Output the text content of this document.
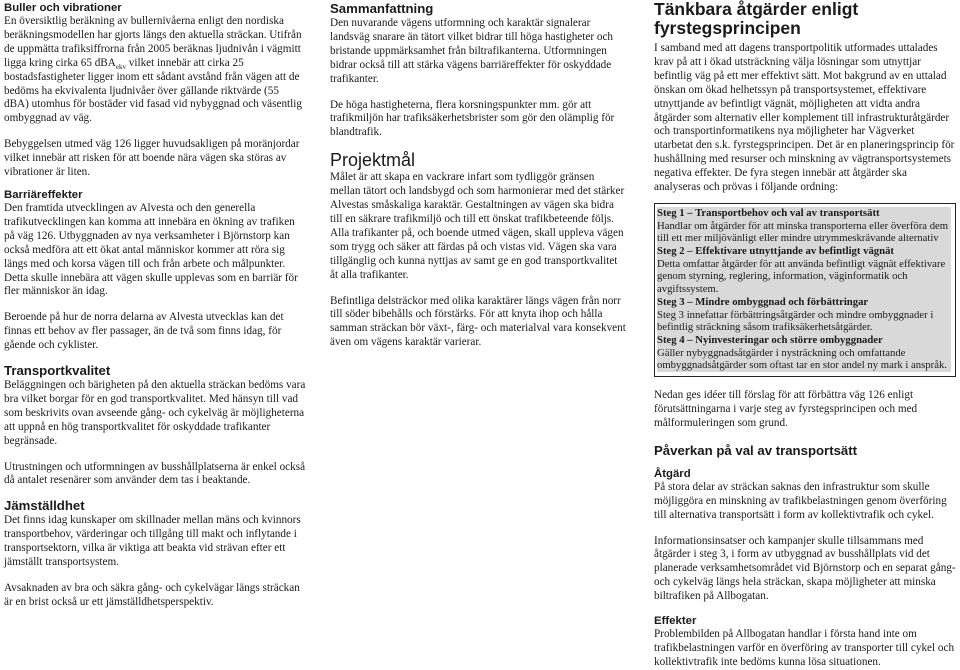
Buller och vibrationer

En översiktlig beräkning av bullernivåerna enligt den nordiska beräkningsmodellen har gjorts längs den aktuella sträckan. Utifrån de uppmätta trafiksiffrorna från 2005 beräknas ljudnivån i vägmitt ligga kring cirka 65 dBA$_{ekv}$ vilket innebär att cirka 25 bostadsfastigheter ligger inom ett sådant avstånd från vägen att de bedöms ha ekvivalenta ljudnivåer över gällande riktvärde (55 dBA) utomhus för bostäder vid fasad vid nybyggnad och väsentlig ombyggnad av väg.

Bebyggelsen utmed väg 126 ligger huvudsakligen på moränjordar vilket innebär att risken för att boende nära vägen ska störas av vibrationer är liten.

Barriäreffekter

Den framtida utvecklingen av Alvesta och den generella trafikutvecklingen kan komma att innebära en ökning av trafiken på väg 126. Utbyggnaden av nya verksamheter i Björnstorp kan också medföra att ett ökat antal människor kommer att röra sig längs med och korsa vägen till och från arbete och målpunkter. Detta skulle innebära att vägen skulle upplevas som en barriär för fler människor än idag.

Beroende på hur de norra delarna av Alvesta utvecklas kan det finnas ett behov av fler passager, än de två som finns idag, för gående och cyklister.

Transportkvalitet

Beläggningen och bärigheten på den aktuella sträckan bedöms vara bra vilket borgar för en god transportkvalitet. Med hänsyn till vad som beskrivits ovan avseende gång- och cykelväg är möjligheterna att uppnå en hög transportkvalitet för oskyddade trafikanter begränsade.

Utrustningen och utformningen av busshållplatserna är enkel också då antalet resenärer som använder dem tas i beaktande.

Jämställdhet

Det finns idag kunskaper om skillnader mellan mäns och kvinnors transportbehov, värderingar och tillgång till makt och inflytande i transportsektorn, vilka är viktiga att beakta vid strävan efter ett jämställt transportsystem.

Avsaknaden av bra och säkra gång- och cykelvägar längs sträckan är en brist också ur ett jämställdhetsperspektiv.

Sammanfattning

Den nuvarande vägens utformning och karaktär signalerar landsväg snarare än tätort vilket bidrar till höga hastigheter och bristande uppmärksamhet från biltrafikanterna. Utformningen bidrar också till att stärka vägens barriäreffekter för oskyddade trafikanter.

De höga hastigheterna, flera korsningspunkter mm. gör att trafikmiljön har trafiksäkerhetsbrister som gör den olämplig för blandtrafik.

Projektmål

Målet är att skapa en vackrare infart som tydliggör gränsen mellan tätort och landsbygd och som harmonierar med det stärker Alvestas småskaliga karaktär. Gestaltningen av vägen ska bidra till en säkrare trafikmiljö och till ett önskat trafikbeteende följs. Alla trafikanter på, och boende utmed vägen, skall uppleva vägen som trygg och säker att färdas på och vistas vid. Vägen ska vara tillgänglig och kunna nyttjas av samt ge en god transportkvalitet åt alla trafikanter.

Befintliga delsträckor med olika karaktärer längs vägen från norr till söder bibehålls och förstärks. För att knyta ihop och hålla samman sträckan bör växt-, färg- och materialval vara konsekvent även om vägens karaktär varierar.

Tänkbara åtgärder enligt fyrstegsprincipen

I samband med att dagens transportpolitik utformades uttalades krav på att i ökad utsträckning välja lösningar som utnyttjar befintlig väg på ett mer effektivt sätt. Mot bakgrund av en uttalad önskan om ökad helhetssyn på transportsystemet, effektivare utnyttjande av befintligt vägnät, möjligheten att vidta andra åtgärder som alternativ eller komplement till infrastrukturåtgärder och transportinformatikens nya möjligheter har Vägverket utarbetat den s.k. fyrstegsprincipen. Det är en planeringsprincip för hushållning med resurser och minskning av vägtransportsystemets negativa effekter. De fyra stegen innebär att åtgärder ska analyseras och prövas i följande ordning:

Steg 1 – Transportbehov och val av transportsätt

Handlar om åtgärder för att minska transporterna eller överföra dem till ett mer miljövänligt eller mindre utrymmeskrävande alternativ

Steg 2 – Effektivare utnyttjande av befintligt vägnät

Detta omfattar åtgärder för att använda befintligt vägnät effektivare genom styrning, reglering, information, väginformatik och avgiftssystem.

Steg 3 – Mindre ombyggnad och förbättringar

Steg 3 innefattar förbättringsåtgärder och mindre ombyggnader i befintlig sträckning såsom trafiksäkerhetsåtgärder.

Steg 4 – Nyinvesteringar och större ombyggnader

Gäller nybyggnadsåtgärder i nysträckning och omfattande ombyggnadsåtgärder som oftast tar en stor andel ny mark i anspråk.

Nedan ges idéer till förslag för att förbättra väg 126 enligt förutsättningarna i varje steg av fyrstegsprincipen och med målformuleringen som grund.

Påverkan på val av transportsätt
Åtgärd

På stora delar av sträckan saknas den infrastruktur som skulle möjliggöra en minskning av trafikbelastningen genom överföring till alternativa transportsätt i form av kollektivtrafik och cykel.

Informationsinsatser och kampanjer skulle tillsammans med åtgärder i steg 3, i form av utbyggnad av busshållplats vid det planerade verksamhetsområdet vid Björnstorp och en separat gång- och cykelväg längs hela sträckan, skapa möjligheter att minska biltrafiken på Allbogatan.

Effekter

Problembilden på Allbogatan handlar i första hand inte om trafikbelastningen varför en överföring av transporter till cykel och kollektivtrafik inte bedöms kunna lösa situationen.
